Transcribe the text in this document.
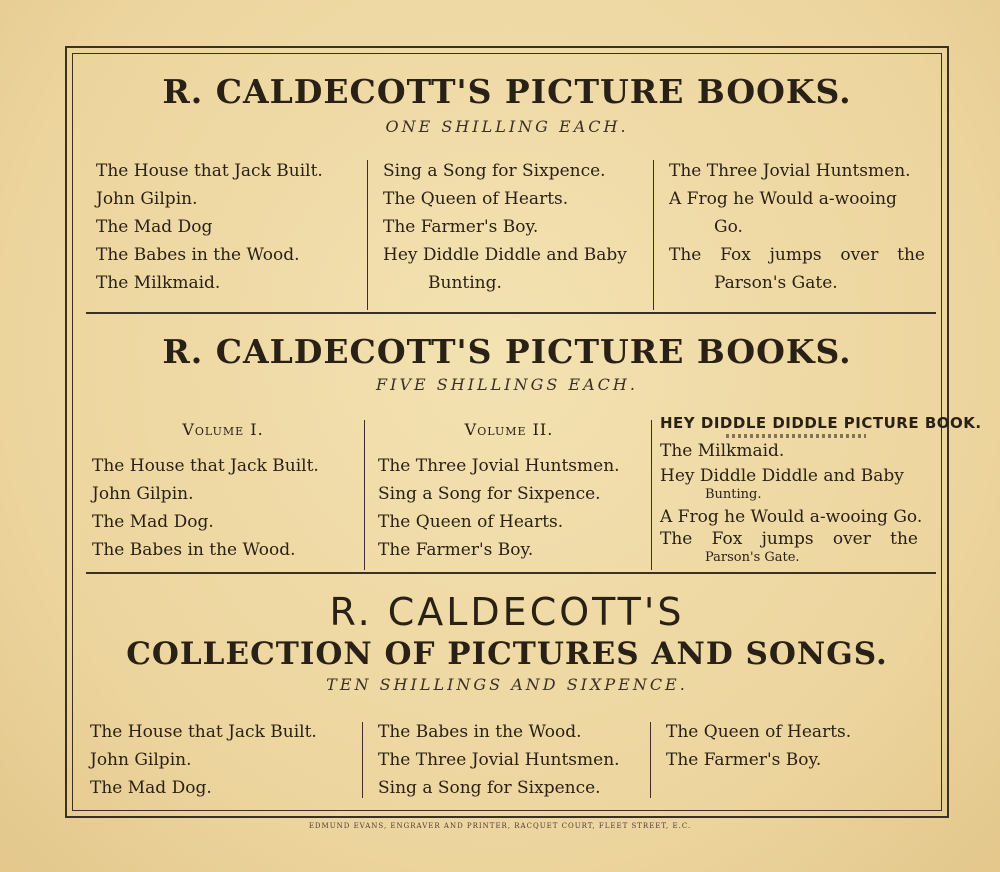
R. CALDECOTT'S PICTURE BOOKS.
ONE SHILLING EACH.
The House that Jack Built.
John Gilpin.
The Mad Dog
The Babes in the Wood.
The Milkmaid.
Sing a Song for Sixpence.
The Queen of Hearts.
The Farmer's Boy.
Hey Diddle Diddle and Baby
Bunting.
The Three Jovial Huntsmen.
A Frog he Would a-wooing
Go.
The Fox jumps over the
Parson's Gate.
R. CALDECOTT'S PICTURE BOOKS.
FIVE SHILLINGS EACH.
Volume I.
The House that Jack Built.
John Gilpin.
The Mad Dog.
The Babes in the Wood.
Volume II.
The Three Jovial Huntsmen.
Sing a Song for Sixpence.
The Queen of Hearts.
The Farmer's Boy.
HEY DIDDLE DIDDLE PICTURE BOOK.
The Milkmaid.
Hey Diddle Diddle and Baby
Bunting.
A Frog he Would a-wooing Go.
The Fox jumps over the
Parson's Gate.
R. CALDECOTT'S
COLLECTION OF PICTURES AND SONGS.
TEN SHILLINGS AND SIXPENCE.
The House that Jack Built.
John Gilpin.
The Mad Dog.
The Babes in the Wood.
The Three Jovial Huntsmen.
Sing a Song for Sixpence.
The Queen of Hearts.
The Farmer's Boy.
EDMUND EVANS, ENGRAVER AND PRINTER, RACQUET COURT, FLEET STREET, E.C.
